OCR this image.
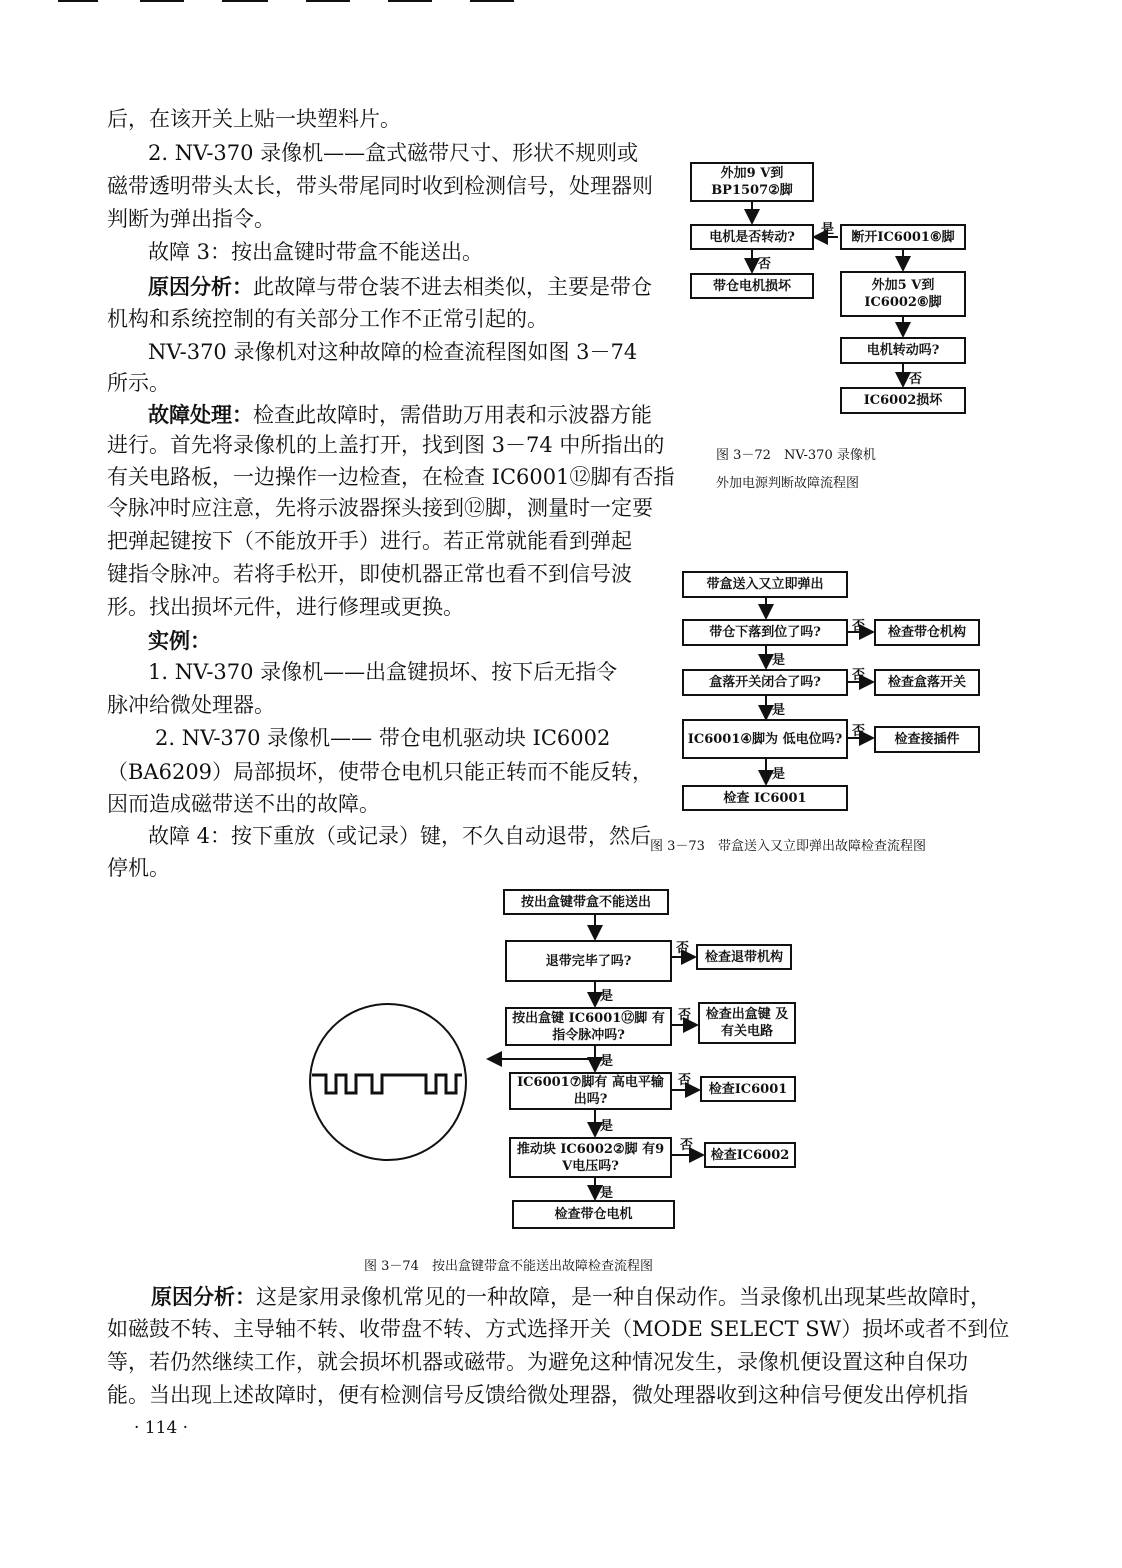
后，在该开关上贴一块塑料片。
2. NV-370 录像机——盒式磁带尺寸、形状不规则或
磁带透明带头太长，带头带尾同时收到检测信号，处理器则
判断为弹出指令。
故障 3：按出盒键时带盒不能送出。
原因分析：此故障与带仓装不进去相类似，主要是带仓
机构和系统控制的有关部分工作不正常引起的。
NV-370 录像机对这种故障的检查流程图如图 3－74
所示。
故障处理：检查此故障时，需借助万用表和示波器方能
进行。首先将录像机的上盖打开，找到图 3－74 中所指出的
有关电路板，一边操作一边检查，在检查 IC6001⑫脚有否指
令脉冲时应注意，先将示波器探头接到⑫脚，测量时一定要
把弹起键按下（不能放开手）进行。若正常就能看到弹起
键指令脉冲。若将手松开，即使机器正常也看不到信号波
形。找出损坏元件，进行修理或更换。
实例：
1. NV-370 录像机——出盒键损坏、按下后无指令
脉冲给微处理器。
2. NV-370 录像机—— 带仓电机驱动块 IC6002
（BA6209）局部损坏，使带仓电机只能正转而不能反转，
因而造成磁带送不出的故障。
故障 4：按下重放（或记录）键，不久自动退带，然后
停机。
外加9 V到 BP1507②脚
电机是否转动?	断开IC6001⑥脚
带仓电机损坏	外加5 V到 IC6002⑥脚
电机转动吗?
IC6002损坏
是
否
否
图 3－72　NV-370 录像机
外加电源判断故障流程图
带盒送入又立即弹出
带仓下落到位了吗?	检查带仓机构
盒落开关闭合了吗?	检查盒落开关
IC6001④脚为 低电位吗?	检查接插件
检查 IC6001
否
是
否
是
否
是
图 3－73　带盒送入又立即弹出故障检查流程图
按出盒键带盒不能送出
退带完毕了吗?	检查退带机构
按出盒键 IC6001⑫脚 有指令脉冲吗?
检查出盒键 及有关电路
IC6001⑦脚有 高电平输出吗?
检查IC6001
推动块 IC6002②脚 有9 V电压吗?
检查IC6002
检查带仓电机
否
是
否
是
否
是
否
是
图 3－74　按出盒键带盒不能送出故障检查流程图
原因分析：这是家用录像机常见的一种故障，是一种自保动作。当录像机出现某些故障时，
如磁鼓不转、主导轴不转、收带盘不转、方式选择开关（MODE SELECT SW）损坏或者不到位
等，若仍然继续工作，就会损坏机器或磁带。为避免这种情况发生，录像机便设置这种自保功
能。当出现上述故障时，便有检测信号反馈给微处理器，微处理器收到这种信号便发出停机指
· 114 ·
